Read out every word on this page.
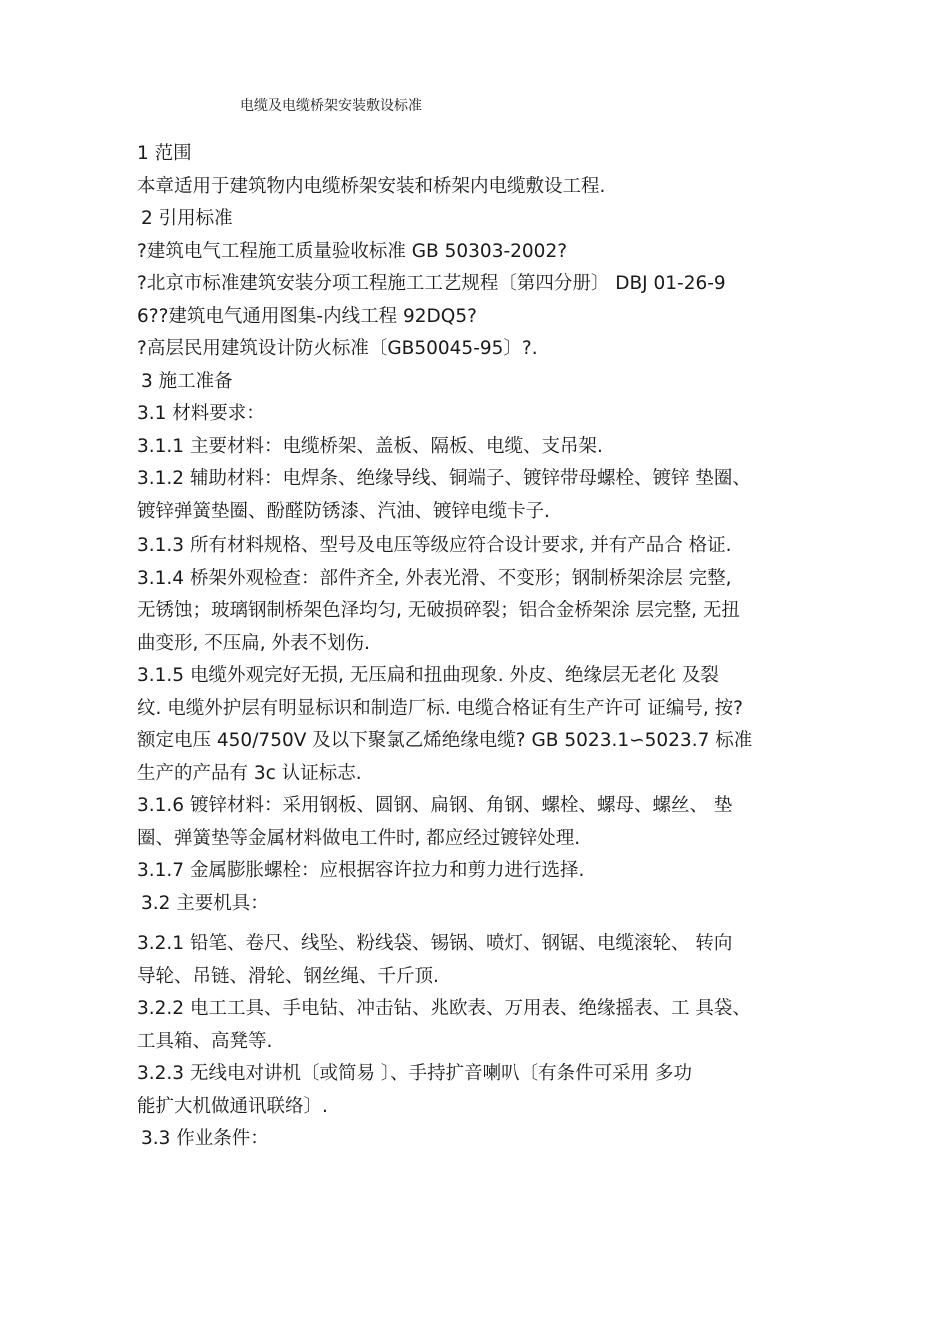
电缆及电缆桥架安装敷设标准
1 范围
本章适用于建筑物内电缆桥架安装和桥架内电缆敷设工程.
2 引用标准
?建筑电气工程施工质量验收标准 GB 50303-2002?
?北京市标准建筑安装分项工程施工工艺规程〔第四分册〕 DBJ 01-26-9
6??建筑电气通用图集-内线工程 92DQ5?
?高层民用建筑设计防火标准〔GB50045-95〕?.
3 施工准备
3.1 材料要求：
3.1.1 主要材料：电缆桥架、盖板、隔板、电缆、支吊架.
3.1.2 辅助材料：电焊条、绝缘导线、铜端子、镀锌带母螺栓、镀锌 垫圈、
镀锌弹簧垫圈、酚醛防锈漆、汽油、镀锌电缆卡子.
3.1.3 所有材料规格、型号及电压等级应符合设计要求, 并有产品合 格证.
3.1.4 桥架外观检查：部件齐全, 外表光滑、不变形；钢制桥架涂层 完整,
无锈蚀；玻璃钢制桥架色泽均匀, 无破损碎裂；铝合金桥架涂 层完整, 无扭
曲变形, 不压扁, 外表不划伤.
3.1.5 电缆外观完好无损, 无压扁和扭曲现象. 外皮、绝缘层无老化 及裂
纹. 电缆外护层有明显标识和制造厂标. 电缆合格证有生产许可 证编号, 按?
额定电压 450/750V 及以下聚氯乙烯绝缘电缆? GB 5023.1∽5023.7 标准
生产的产品有 3c 认证标志.
3.1.6 镀锌材料：采用钢板、圆钢、扁钢、角钢、螺栓、螺母、螺丝、 垫
圈、弹簧垫等金属材料做电工件时, 都应经过镀锌处理.
3.1.7 金属膨胀螺栓：应根据容许拉力和剪力进行选择.
3.2 主要机具：
3.2.1 铅笔、卷尺、线坠、粉线袋、锡锅、喷灯、钢锯、电缆滚轮、 转向
导轮、吊链、滑轮、钢丝绳、千斤顶.
3.2.2 电工工具、手电钻、冲击钻、兆欧表、万用表、绝缘摇表、工 具袋、
工具箱、高凳等.
3.2.3 无线电对讲机〔或简易 〕、手持扩音喇叭〔有条件可采用 多功
能扩大机做通讯联络〕.
3.3 作业条件：
